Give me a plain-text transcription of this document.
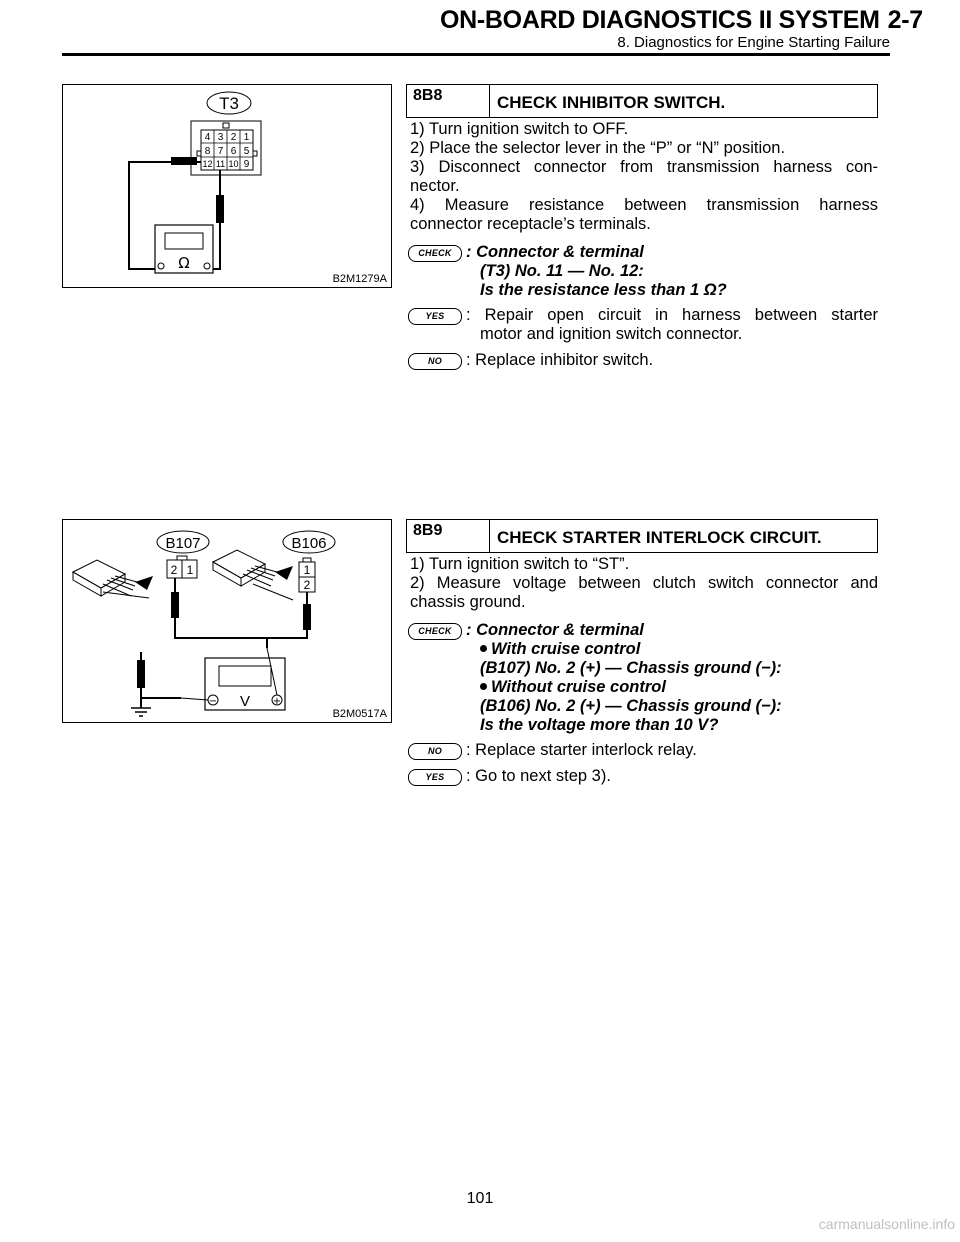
ON-BOARD DIAGNOSTICS II SYSTEM 2-7
8. Diagnostics for Engine Starting Failure
T3
4 3 2 1
8 7 6 5
12 11 10 9
Ω
B2M1279A
8B8	CHECK INHIBITOR SWITCH.

1) Turn ignition switch to OFF.

2) Place the selector lever in the “P” or “N” position.

3) Disconnect connector from transmission harness con-

nector.

4) Measure resistance between transmission harness

connector receptacle’s terminals.

CHECK : Connector & terminal

(T3) No. 11 — No. 12:

Is the resistance less than 1 Ω?

YES	: Repair open circuit in harness between starter

motor and ignition switch connector.

NO	: Replace inhibitor switch.

B107	B106
2 1	1
2
−	+
V
B2M0517A
8B9	CHECK STARTER INTERLOCK CIRCUIT.

1) Turn ignition switch to “ST”.

2) Measure voltage between clutch switch connector and

chassis ground.

CHECK : Connector & terminal

With cruise control

(B107) No. 2 (+) — Chassis ground (−):

Without cruise control

(B106) No. 2 (+) — Chassis ground (−):

Is the voltage more than 10 V?

NO	: Replace starter interlock relay.

YES	: Go to next step 3).

101
carmanualsonline.info
